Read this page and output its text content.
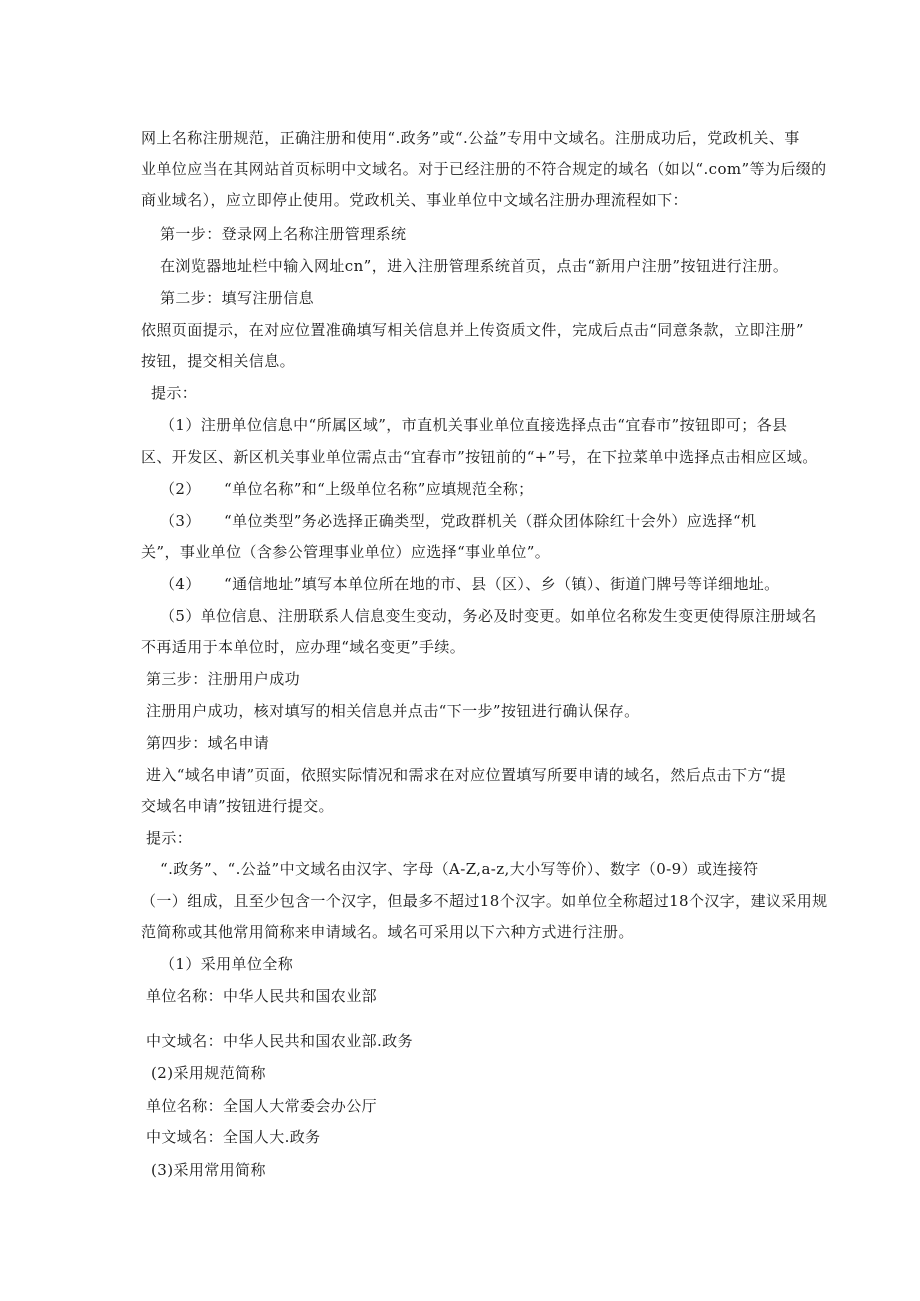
网上名称注册规范，正确注册和使用“.政务”或“.公益”专用中文域名。注册成功后，党政机关、事

业单位应当在其网站首页标明中文域名。对于已经注册的不符合规定的域名（如以“.com”等为后缀的

商业域名），应立即停止使用。党政机关、事业单位中文域名注册办理流程如下：

第一步：登录网上名称注册管理系统

在浏览器地址栏中输入网址cn”，进入注册管理系统首页，点击“新用户注册”按钮进行注册。

第二步：填写注册信息

依照页面提示，在对应位置准确填写相关信息并上传资质文件，完成后点击“同意条款，立即注册”

按钮，提交相关信息。

提示：

（1）注册单位信息中“所属区域”，市直机关事业单位直接选择点击“宜春市”按钮即可；各县

区、开发区、新区机关事业单位需点击“宜春市”按钮前的“+”号，在下拉菜单中选择点击相应区域。

（2）　　“单位名称”和“上级单位名称”应填规范全称；

（3）　　“单位类型”务必选择正确类型，党政群机关（群众团体除红十会外）应选择“机

关”，事业单位（含参公管理事业单位）应选择“事业单位”。

（4）　　“通信地址”填写本单位所在地的市、县（区）、乡（镇）、街道门牌号等详细地址。

（5）单位信息、注册联系人信息变生变动，务必及时变更。如单位名称发生变更使得原注册域名

不再适用于本单位时，应办理“域名变更”手续。

第三步：注册用户成功

注册用户成功，核对填写的相关信息并点击“下一步”按钮进行确认保存。

第四步：域名申请

进入“域名申请”页面，依照实际情况和需求在对应位置填写所要申请的域名，然后点击下方“提

交域名申请”按钮进行提交。

提示：

“.政务”、“.公益”中文域名由汉字、字母（A-Z,a-z,大小写等价）、数字（0-9）或连接符

（一）组成，且至少包含一个汉字，但最多不超过18个汉字。如单位全称超过18个汉字，建议采用规

范简称或其他常用简称来申请域名。域名可采用以下六种方式进行注册。

（1）采用单位全称

单位名称：中华人民共和国农业部

中文域名：中华人民共和国农业部.政务

(2)采用规范简称

单位名称：全国人大常委会办公厅

中文域名：全国人大.政务

(3)采用常用简称
